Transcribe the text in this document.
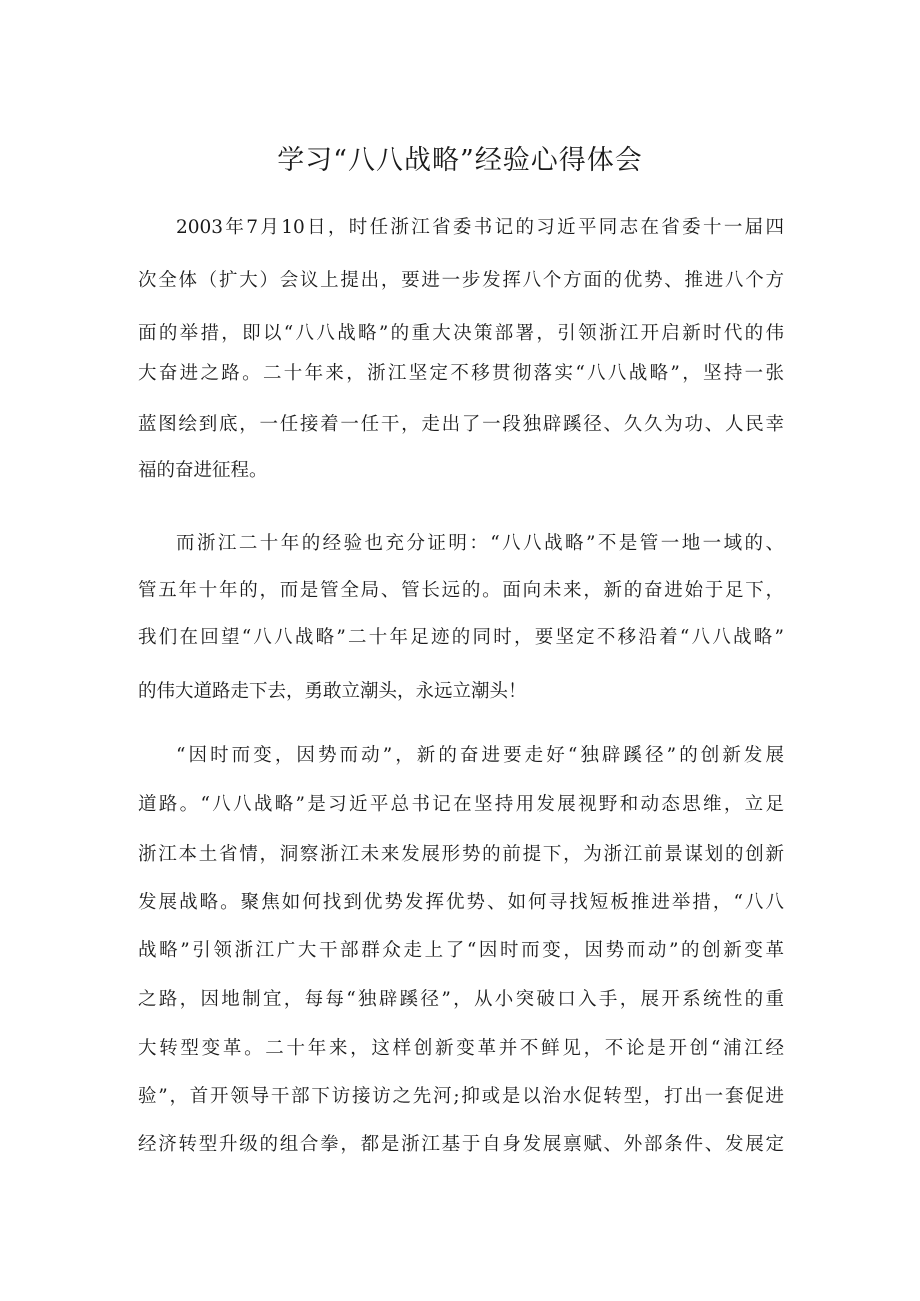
学习“八八战略”经验心得体会
2003年7月10日，时任浙江省委书记的习近平同志在省委十一届四
次全体（扩大）会议上提出，要进一步发挥八个方面的优势、推进八个方
面的举措，即以“八八战略”的重大决策部署，引领浙江开启新时代的伟
大奋进之路。二十年来，浙江坚定不移贯彻落实“八八战略”，坚持一张
蓝图绘到底，一任接着一任干，走出了一段独辟蹊径、久久为功、人民幸
福的奋进征程。
而浙江二十年的经验也充分证明：“八八战略”不是管一地一域的、
管五年十年的，而是管全局、管长远的。面向未来，新的奋进始于足下，
我们在回望“八八战略”二十年足迹的同时，要坚定不移沿着“八八战略”
的伟大道路走下去，勇敢立潮头，永远立潮头！
“因时而变，因势而动”，新的奋进要走好“独辟蹊径”的创新发展
道路。“八八战略”是习近平总书记在坚持用发展视野和动态思维，立足
浙江本土省情，洞察浙江未来发展形势的前提下，为浙江前景谋划的创新
发展战略。聚焦如何找到优势发挥优势、如何寻找短板推进举措，“八八
战略”引领浙江广大干部群众走上了“因时而变，因势而动”的创新变革
之路，因地制宜，每每“独辟蹊径”，从小突破口入手，展开系统性的重
大转型变革。二十年来，这样创新变革并不鲜见，不论是开创“浦江经
验”，首开领导干部下访接访之先河;抑或是以治水促转型，打出一套促进
经济转型升级的组合拳，都是浙江基于自身发展禀赋、外部条件、发展定
